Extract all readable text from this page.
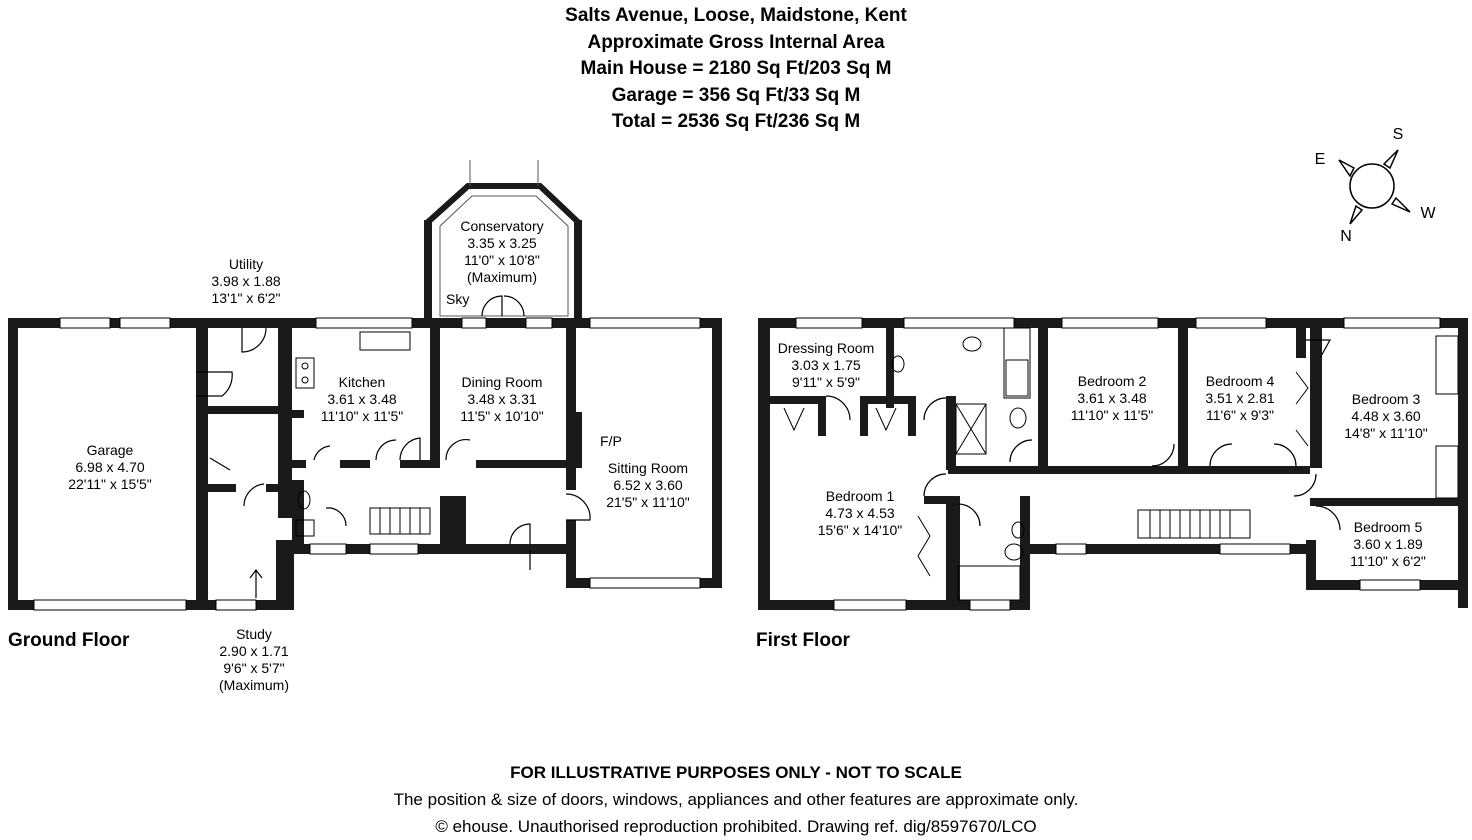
Salts Avenue, Loose, Maidstone, Kent
Approximate Gross Internal Area
Main House = 2180 Sq Ft/203 Sq M
Garage = 356 Sq Ft/33 Sq M
Total = 2536 Sq Ft/236 Sq M
S
E
W
N
Garage
6.98 x 4.70
22'11" x 15'5"
Utility
3.98 x 1.88
13'1" x 6'2"
Kitchen
3.61 x 3.48
11'10" x 11'5"
Dining Room
3.48 x 3.31
11'5" x 10'10"
Sitting Room
6.52 x 3.60
21'5" x 11'10"
Conservatory
3.35 x 3.25
11'0" x 10'8"
(Maximum)
Study
2.90 x 1.71
9'6" x 5'7"
(Maximum)
F/P
Sky
Dressing Room
3.03 x 1.75
9'11" x 5'9"
Bedroom 1
4.73 x 4.53
15'6" x 14'10"
Bedroom 2
3.61 x 3.48
11'10" x 11'5"
Bedroom 4
3.51 x 2.81
11'6" x 9'3"
Bedroom 3
4.48 x 3.60
14'8" x 11'10"
Bedroom 5
3.60 x 1.89
11'10" x 6'2"
Ground Floor	First Floor
FOR ILLUSTRATIVE PURPOSES ONLY - NOT TO SCALE
The position & size of doors, windows, appliances and other features are approximate only.
© ehouse. Unauthorised reproduction prohibited. Drawing ref. dig/8597670/LCO
